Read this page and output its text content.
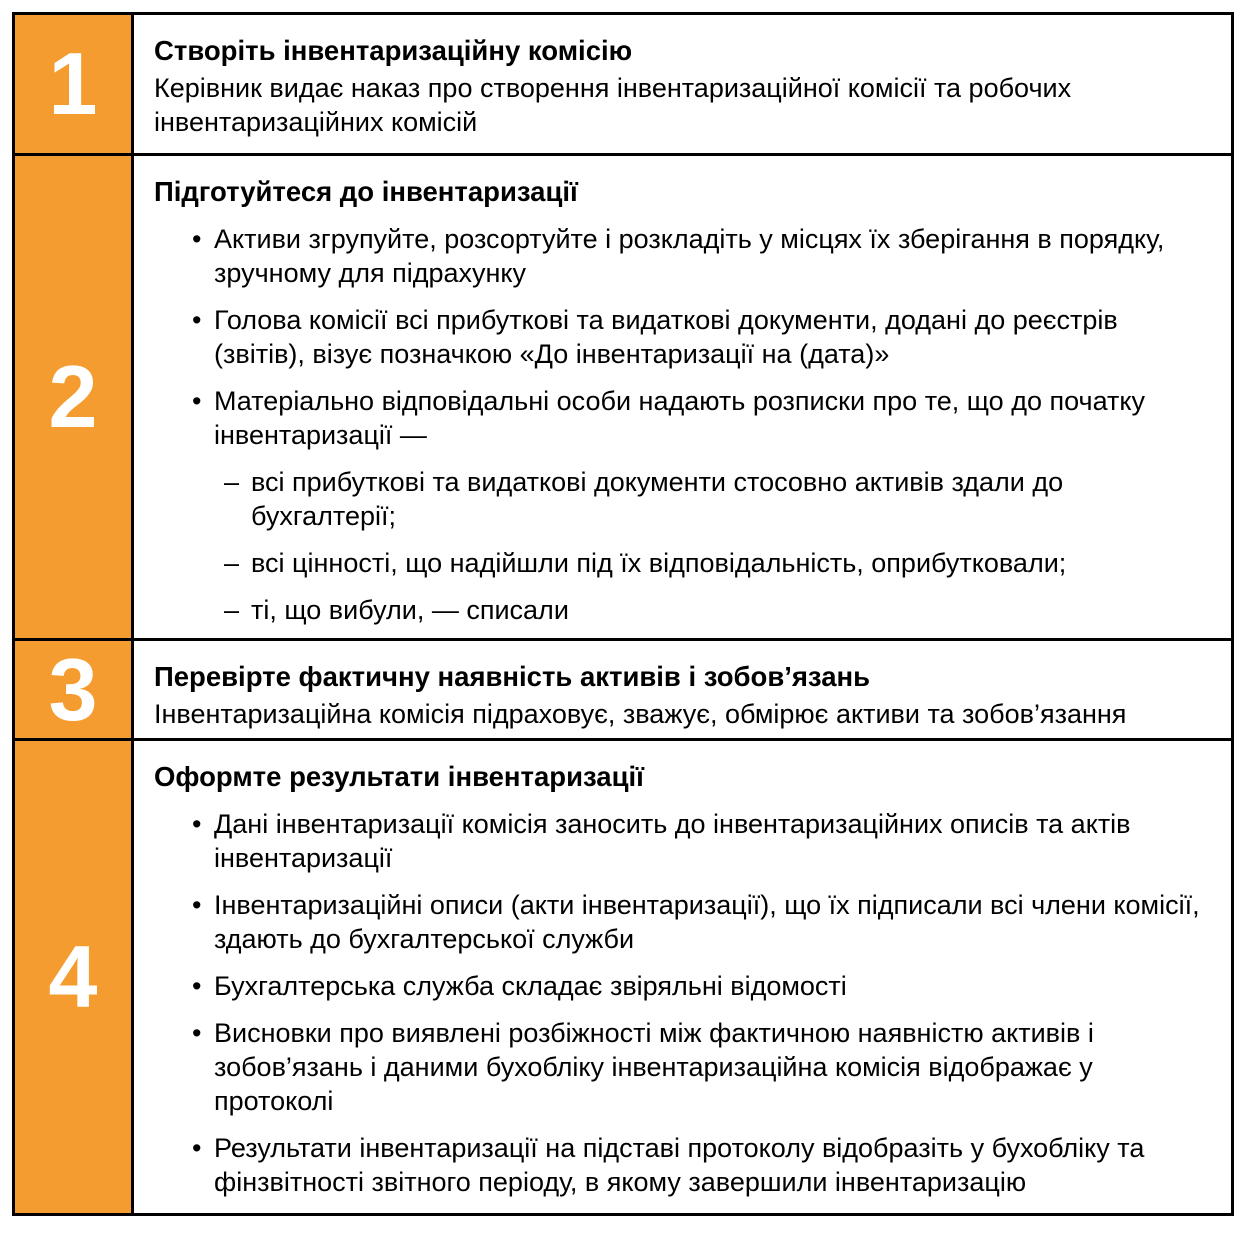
1	Створіть інвентаризаційну комісію
Керівник видає наказ про створення інвентаризаційної комісії та робочих інвентаризаційних комісій
2
Підготуйтеся до інвентаризації
• Активи згрупуйте, розсортуйте і розкладіть у місцях їх зберігання в порядку, зручному для підрахунку
• Голова комісії всі прибуткові та видаткові документи, додані до реєстрів (звітів), візує позначкою «До інвентаризації на (дата)»
• Матеріально відповідальні особи надають розписки про те, що до початку інвентаризації —
– всі прибуткові та видаткові документи стосовно активів здали до бухгалтерії;
– всі цінності, що надійшли під їх відповідальність, оприбутковали;
– ті, що вибули, — списали
3	Перевірте фактичну наявність активів і зобов’язань
Інвентаризаційна комісія підраховує, зважує, обмірює активи та зобов’язання
4
Оформте результати інвентаризації
• Дані інвентаризації комісія заносить до інвентаризаційних описів та актів інвентаризації
• Інвентаризаційні описи (акти інвентаризації), що їх підписали всі члени комісії, здають до бухгалтерської служби
• Бухгалтерська служба складає звіряльні відомості
• Висновки про виявлені розбіжності між фактичною наявністю активів і зобов’язань і даними бухобліку інвентаризаційна комісія відображає у протоколі
• Результати інвентаризації на підставі протоколу відобразіть у бухобліку та фінзвітності звітного періоду, в якому завершили інвентаризацію
